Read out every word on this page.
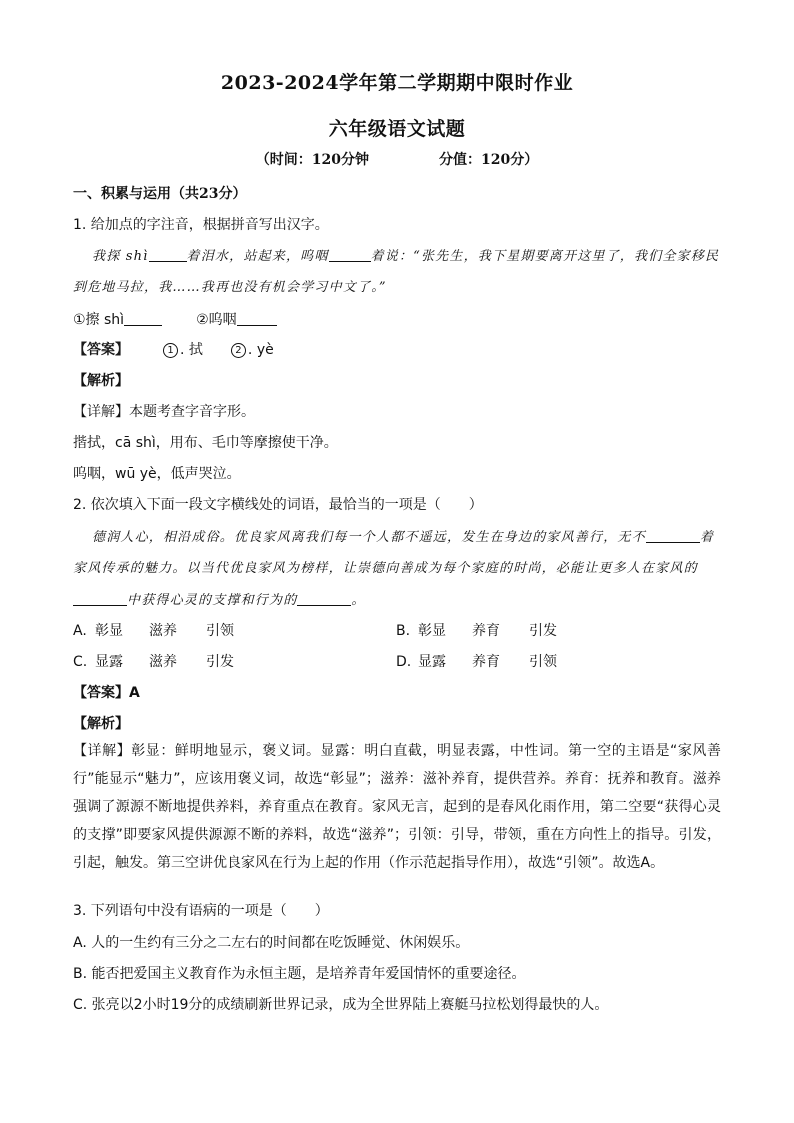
2023-2024学年第二学期期中限时作业
六年级语文试题
（时间：120分钟	分值：120分）
一、积累与运用（共23分）
1. 给加点的字注音，根据拼音写出汉字。
我探 shì	着泪水，站起来，呜咽	着说：“张先生，我下星期要离开这里了，我们全家移民
到危地马拉，我……我再也没有机会学习中文了。”
①擦 shì	②呜咽
【答案】	1 . 拭	2 . yè
【解析】
【详解】本题考查字音字形。
揩拭，cā shì，用布、毛巾等摩擦使干净。
呜咽，wū yè，低声哭泣。
2. 依次填入下面一段文字横线处的词语，最恰当的一项是（　　）
德润人心，相沿成俗。优良家风离我们每一个人都不遥远，发生在身边的家风善行，无不	着
家风传承的魅力。以当代优良家风为榜样，让崇德向善成为每个家庭的时尚，必能让更多人在家风的
中获得心灵的支撑和行为的	。
A. 彰显 滋养 引领	B. 彰显 养育 引发
C. 显露 滋养 引发	D. 显露 养育 引领
【答案】A
【解析】
【详解】彰显：鲜明地显示，褒义词。显露：明白直截，明显表露，中性词。第一空的主语是“家风善行”能显示“魅力”，应该用褒义词，故选“彰显”；滋养：滋补养育，提供营养。养育：抚养和教育。滋养强调了源源不断地提供养料，养育重点在教育。家风无言，起到的是春风化雨作用，第二空要“获得心灵的支撑”即要家风提供源源不断的养料，故选“滋养”；引领：引导，带领，重在方向性上的指导。引发，引起，触发。第三空讲优良家风在行为上起的作用（作示范起指导作用），故选“引领”。故选A。
3. 下列语句中没有语病的一项是（　　）
A. 人的一生约有三分之二左右的时间都在吃饭睡觉、休闲娱乐。
B. 能否把爱国主义教育作为永恒主题，是培养青年爱国情怀的重要途径。
C. 张亮以2小时19分的成绩刷新世界记录，成为全世界陆上赛艇马拉松划得最快的人。
